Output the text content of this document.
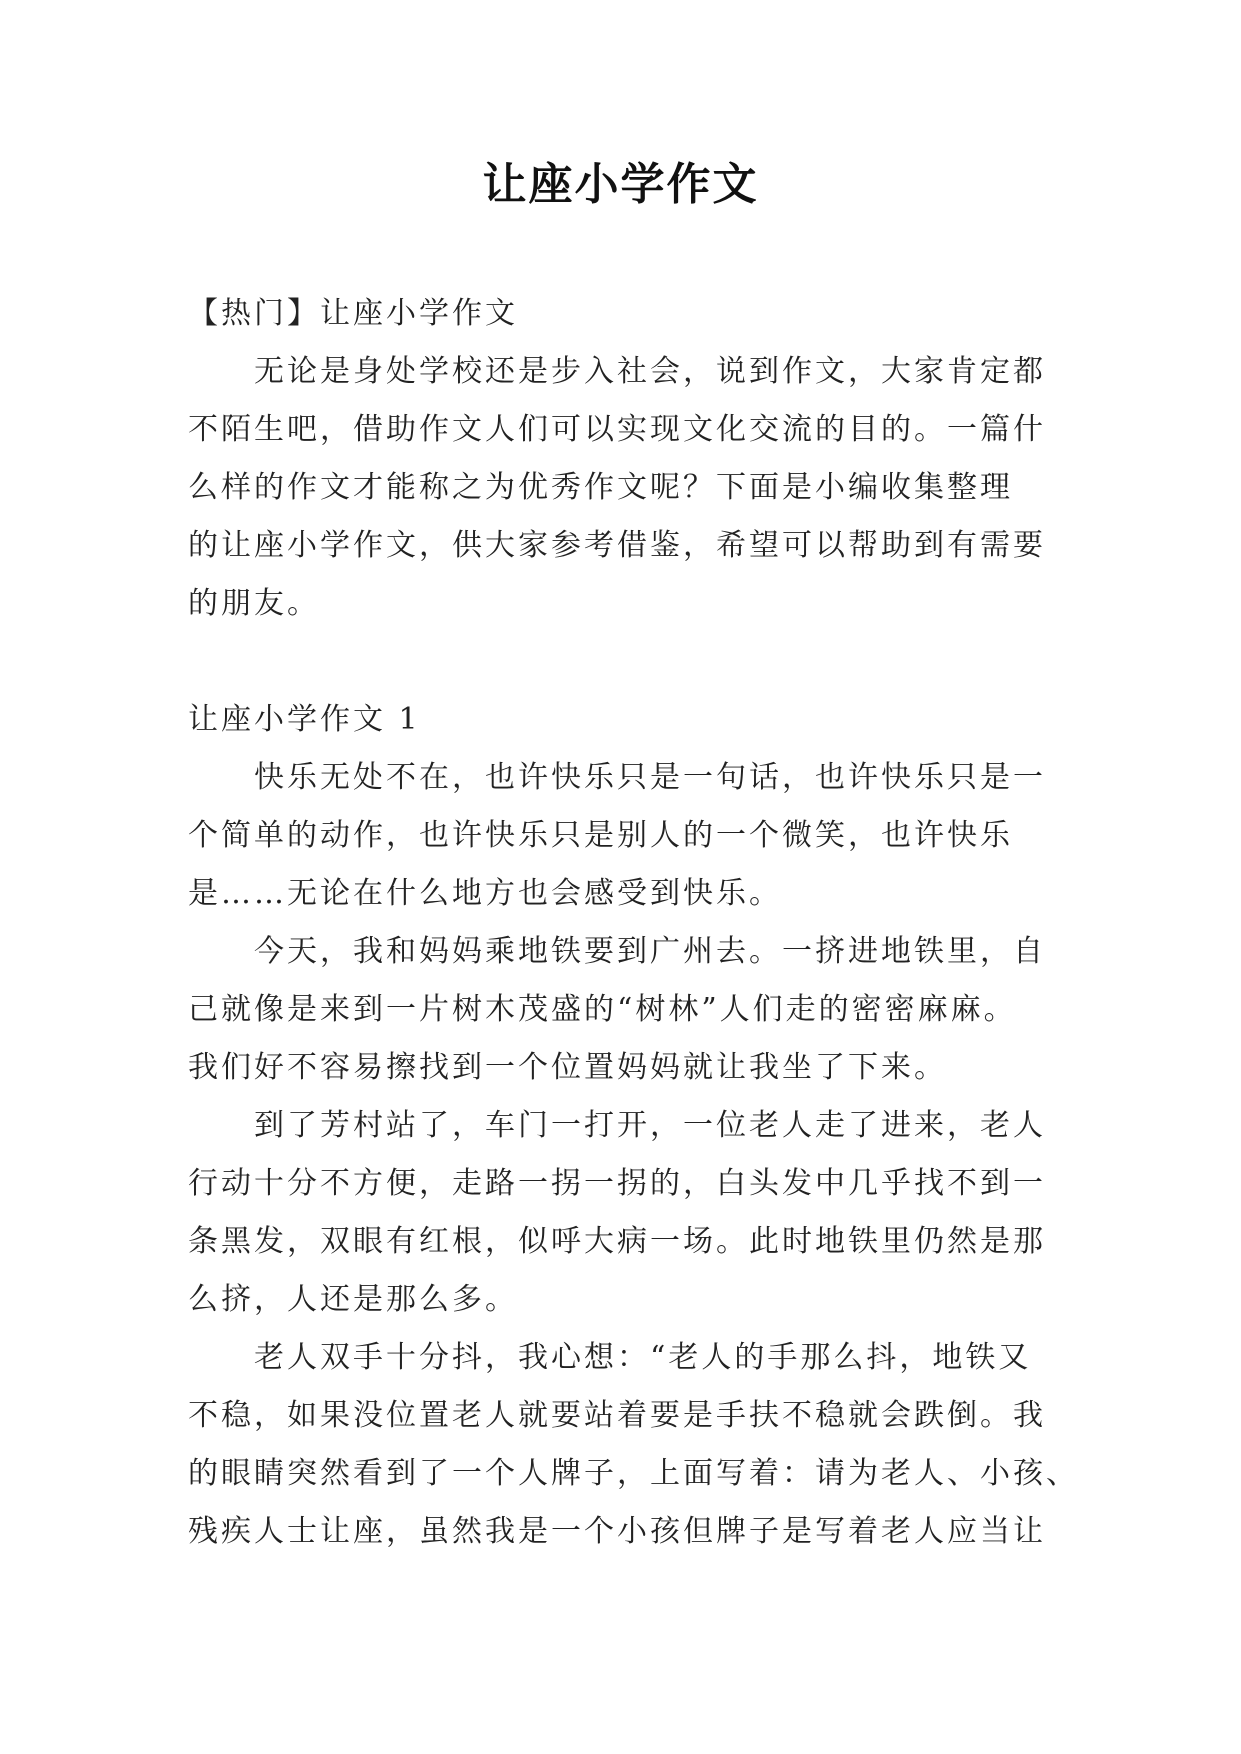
让座小学作文
【热门】让座小学作文
　　无论是身处学校还是步入社会，说到作文，大家肯定都
不陌生吧，借助作文人们可以实现文化交流的目的。一篇什
么样的作文才能称之为优秀作文呢？下面是小编收集整理
的让座小学作文，供大家参考借鉴，希望可以帮助到有需要
的朋友。
让座小学作文 1
　　快乐无处不在，也许快乐只是一句话，也许快乐只是一
个简单的动作，也许快乐只是别人的一个微笑，也许快乐
是……无论在什么地方也会感受到快乐。
　　今天，我和妈妈乘地铁要到广州去。一挤进地铁里，自
己就像是来到一片树木茂盛的“树林”人们走的密密麻麻。
我们好不容易擦找到一个位置妈妈就让我坐了下来。
　　到了芳村站了，车门一打开，一位老人走了进来，老人
行动十分不方便，走路一拐一拐的，白头发中几乎找不到一
条黑发，双眼有红根，似呼大病一场。此时地铁里仍然是那
么挤，人还是那么多。
　　老人双手十分抖，我心想：“老人的手那么抖，地铁又
不稳，如果没位置老人就要站着要是手扶不稳就会跌倒。我
的眼睛突然看到了一个人牌子，上面写着：请为老人、小孩、
残疾人士让座，虽然我是一个小孩但牌子是写着老人应当让
